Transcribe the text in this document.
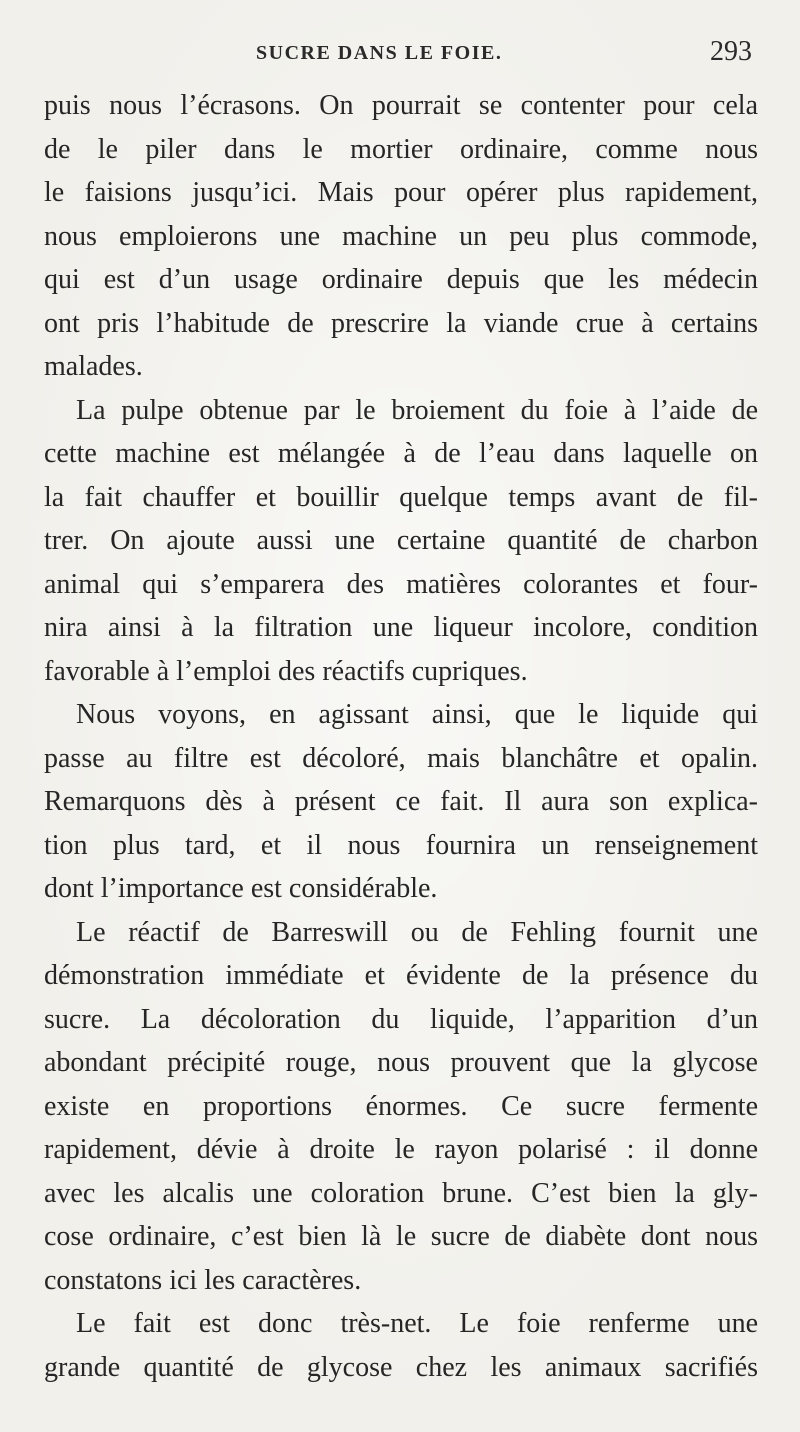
SUCRE DANS LE FOIE.	293
puis nous l’écrasons. On pourrait se contenter pour cela
de le piler dans le mortier ordinaire, comme nous
le faisions jusqu’ici. Mais pour opérer plus rapidement,
nous emploierons une machine un peu plus commode,
qui est d’un usage ordinaire depuis que les médecin
ont pris l’habitude de prescrire la viande crue à certains
malades.
La pulpe obtenue par le broiement du foie à l’aide de
cette machine est mélangée à de l’eau dans laquelle on
la fait chauffer et bouillir quelque temps avant de fil-
trer. On ajoute aussi une certaine quantité de charbon
animal qui s’emparera des matières colorantes et four-
nira ainsi à la filtration une liqueur incolore, condition
favorable à l’emploi des réactifs cupriques.
Nous voyons, en agissant ainsi, que le liquide qui
passe au filtre est décoloré, mais blanchâtre et opalin.
Remarquons dès à présent ce fait. Il aura son explica-
tion plus tard, et il nous fournira un renseignement
dont l’importance est considérable.
Le réactif de Barreswill ou de Fehling fournit une
démonstration immédiate et évidente de la présence du
sucre. La décoloration du liquide, l’apparition d’un
abondant précipité rouge, nous prouvent que la glycose
existe en proportions énormes. Ce sucre fermente
rapidement, dévie à droite le rayon polarisé : il donne
avec les alcalis une coloration brune. C’est bien la gly-
cose ordinaire, c’est bien là le sucre de diabète dont nous
constatons ici les caractères.
Le fait est donc très-net. Le foie renferme une
grande quantité de glycose chez les animaux sacrifiés
